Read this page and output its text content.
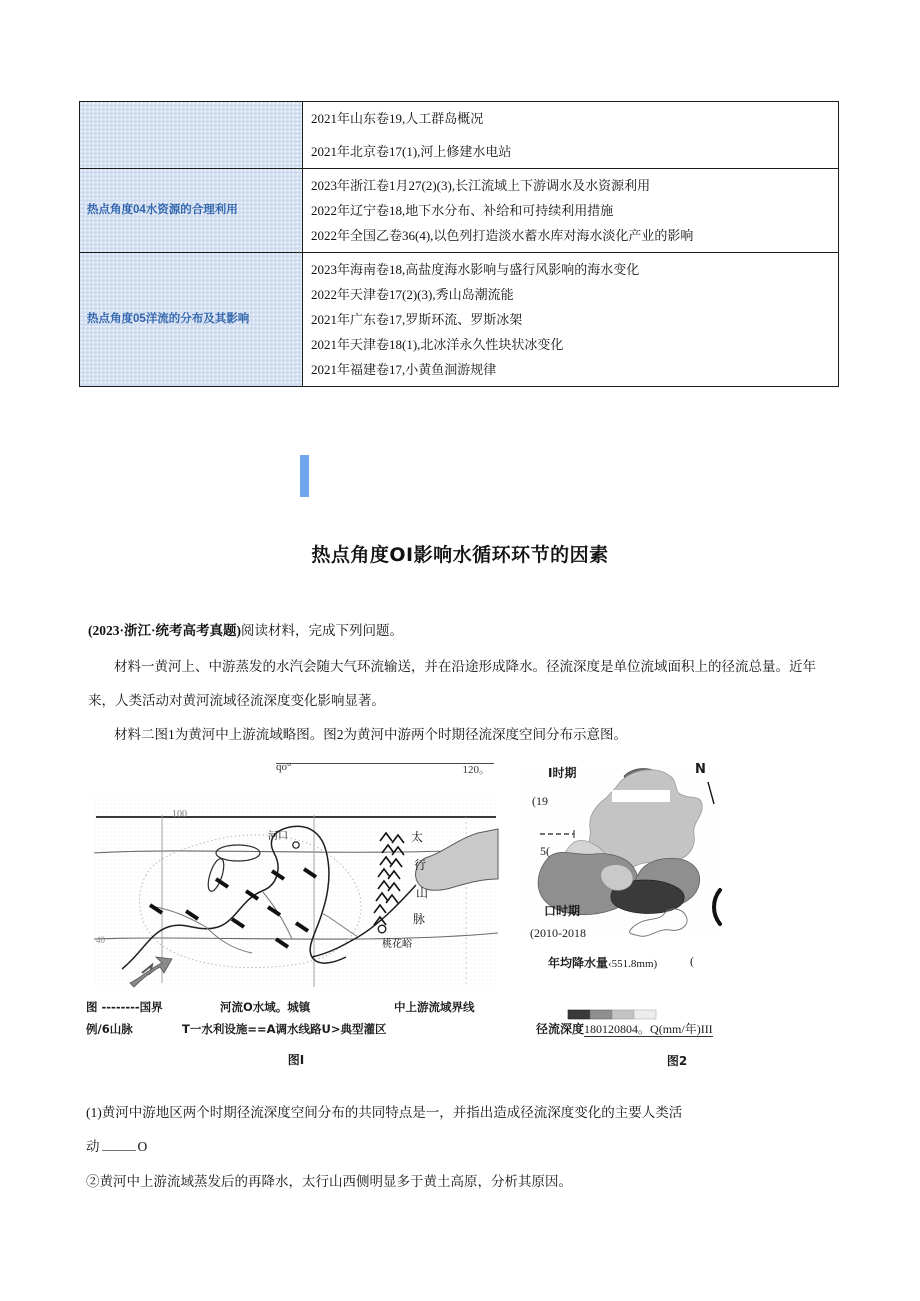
	2021年山东卷19,人工群岛概况
2021年北京卷17(1),河上修建水电站

热点角度04水资源的合理利用	2023年浙江卷1月27(2)(3),长江流域上下游调水及水资源利用
2022年辽宁卷18,地下水分布、补给和可持续利用措施
2022年全国乙卷36(4),以色列打造淡水蓄水库对海水淡化产业的影响

热点角度05洋流的分布及其影响	2023年海南卷18,高盐度海水影响与盛行风影响的海水变化
2022年天津卷17(2)(3),秀山岛潮流能
2021年广东卷17,罗斯环流、罗斯冰架
2021年天津卷18(1),北冰洋永久性块状冰变化
2021年福建卷17,小黄鱼洄游规律
热点角度OI影响水循环环节的因素
(2023·浙江·统考高考真题)阅读材料，完成下列问题。
材料一黄河上、中游蒸发的水汽会随大气环流输送，并在沿途形成降水。径流深度是单位流域面积上的径流总量。近年
来，人类活动对黄河流域径流深度变化影响显著。
材料二图1为黄河中上游流域略图。图2为黄河中游两个时期径流深度空间分布示意图。
qo°	120。
100
40
河口
桃花峪
太
行
山
脉
图 --------国界	河流O水域。城镇	中上游流域界线
例/6山脉	T一水利设施==A调水线路U>典型灌区
图I
I时期
(19
N
5(
口时期
(2010-2018
年均降水量‹551.8mm)	(
径流深度180120804。Q(mm/年)III
图2
(1)黄河中游地区两个时期径流深度空间分布的共同特点是一，并指出造成径流深度变化的主要人类活
动	O
②黄河中上游流域蒸发后的再降水，太行山西侧明显多于黄土高原，分析其原因。
